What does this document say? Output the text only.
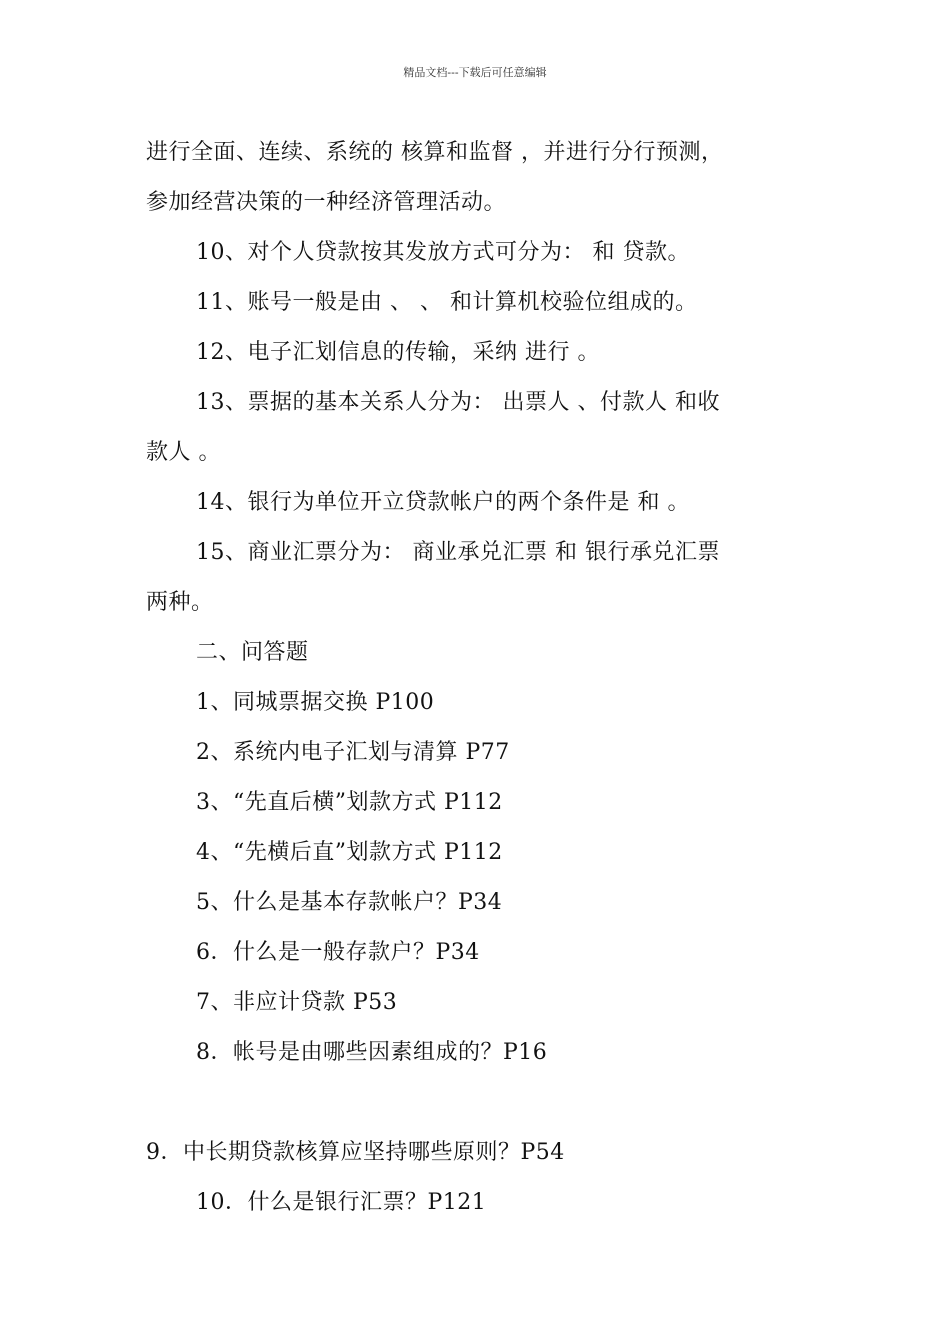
精品文档---下载后可任意编辑
进行全面、连续、系统的 核算和监督 ，并进行分行预测，
参加经营决策的一种经济管理活动。
10、对个人贷款按其发放方式可分为： 和 贷款。
11、账号一般是由 、 、 和计算机校验位组成的。
12、电子汇划信息的传输，采纳 进行 。
13、票据的基本关系人分为： 出票人 、付款人 和收
款人 。
14、银行为单位开立贷款帐户的两个条件是 和 。
15、商业汇票分为： 商业承兑汇票 和 银行承兑汇票
两种。
二、问答题
1、同城票据交换 P100
2、系统内电子汇划与清算 P77
3、“先直后横”划款方式 P112
4、“先横后直”划款方式 P112
5、什么是基本存款帐户？P34
6．什么是一般存款户？P34
7、非应计贷款 P53
8．帐号是由哪些因素组成的？P16
9．中长期贷款核算应坚持哪些原则？P54
10．什么是银行汇票？P121
